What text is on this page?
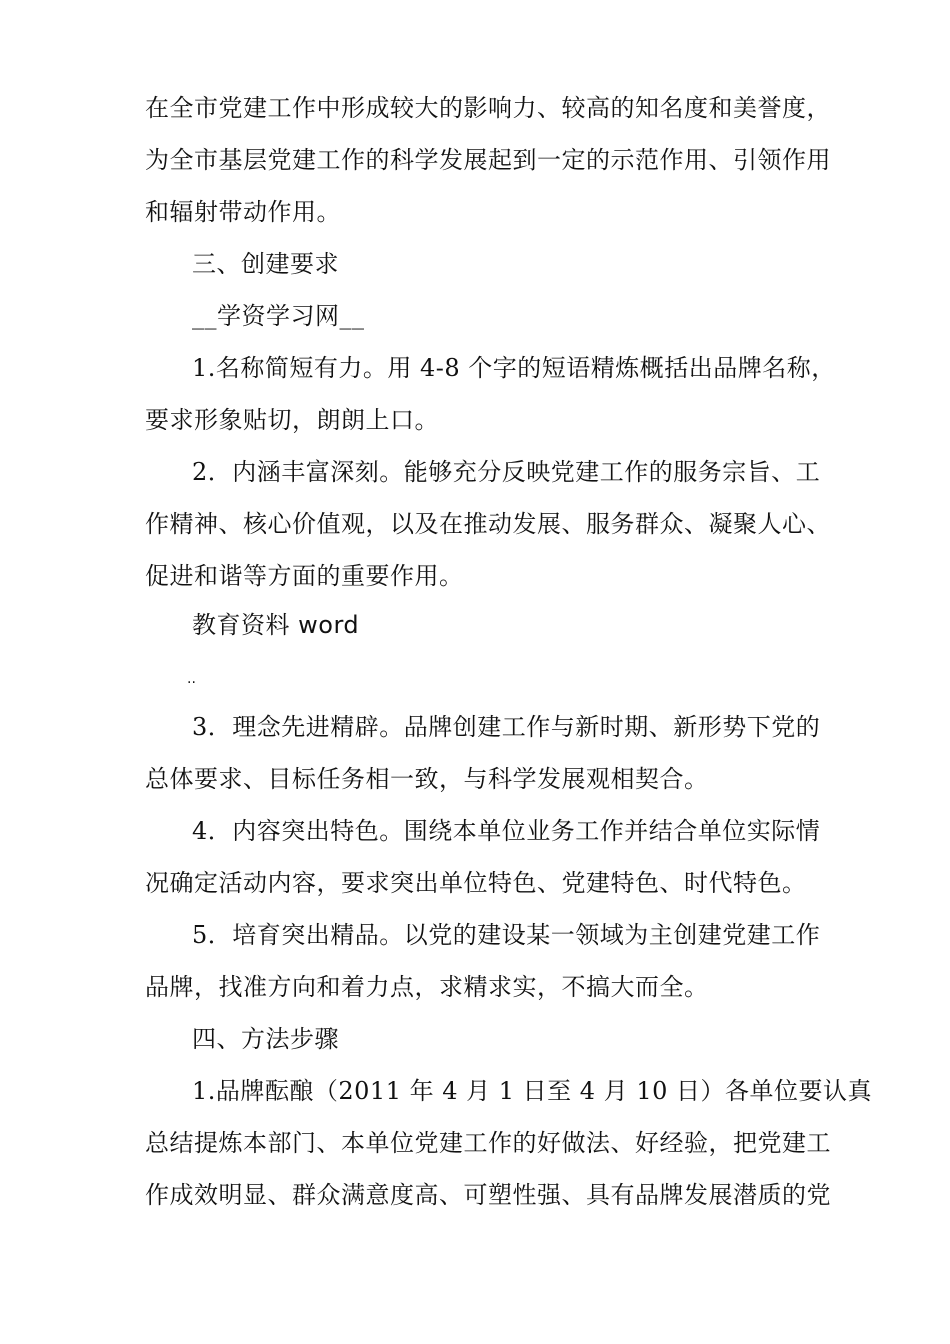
在全市党建工作中形成较大的影响力、较高的知名度和美誉度，
为全市基层党建工作的科学发展起到一定的示范作用、引领作用
和辐射带动作用。
三、创建要求
__学资学习网__
1.名称简短有力。用 4-8 个字的短语精炼概括出品牌名称，
要求形象贴切，朗朗上口。
2．内涵丰富深刻。能够充分反映党建工作的服务宗旨、工
作精神、核心价值观，以及在推动发展、服务群众、凝聚人心、
促进和谐等方面的重要作用。
教育资料 word
..
3．理念先进精辟。品牌创建工作与新时期、新形势下党的
总体要求、目标任务相一致，与科学发展观相契合。
4．内容突出特色。围绕本单位业务工作并结合单位实际情
况确定活动内容，要求突出单位特色、党建特色、时代特色。
5．培育突出精品。以党的建设某一领域为主创建党建工作
品牌，找准方向和着力点，求精求实，不搞大而全。
四、方法步骤
1.品牌酝酿（2011 年 4 月 1 日至 4 月 10 日）各单位要认真
总结提炼本部门、本单位党建工作的好做法、好经验，把党建工
作成效明显、群众满意度高、可塑性强、具有品牌发展潜质的党
